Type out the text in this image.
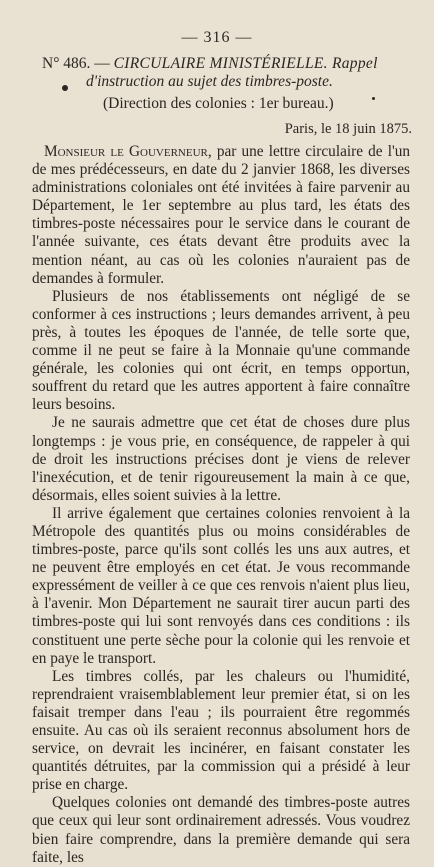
— 316 —
N° 486. — CIRCULAIRE MINISTÉRIELLE. Rappel
d'instruction au sujet des timbres-poste.
(Direction des colonies : 1er bureau.)
Paris, le 18 juin 1875.

Monsieur le Gouverneur, par une lettre circulaire de l'un de mes prédécesseurs, en date du 2 janvier 1868, les diverses administrations coloniales ont été invitées à faire parvenir au Département, le 1er septembre au plus tard, les états des timbres-poste nécessaires pour le service dans le courant de l'année suivante, ces états devant être produits avec la mention néant, au cas où les colonies n'auraient pas de demandes à formuler.

Plusieurs de nos établissements ont négligé de se conformer à ces instructions ; leurs demandes arrivent, à peu près, à toutes les époques de l'année, de telle sorte que, comme il ne peut se faire à la Monnaie qu'une commande générale, les colonies qui ont écrit, en temps opportun, souffrent du retard que les autres apportent à faire connaître leurs besoins.

Je ne saurais admettre que cet état de choses dure plus longtemps : je vous prie, en conséquence, de rappeler à qui de droit les instructions précises dont je viens de relever l'inexécution, et de tenir rigoureusement la main à ce que, désormais, elles soient suivies à la lettre.

Il arrive également que certaines colonies renvoient à la Métropole des quantités plus ou moins considérables de timbres-poste, parce qu'ils sont collés les uns aux autres, et ne peuvent être employés en cet état. Je vous recommande expressément de veiller à ce que ces renvois n'aient plus lieu, à l'avenir. Mon Département ne saurait tirer aucun parti des timbres-poste qui lui sont renvoyés dans ces conditions : ils constituent une perte sèche pour la colonie qui les renvoie et en paye le transport.

Les timbres collés, par les chaleurs ou l'humidité, reprendraient vraisemblablement leur premier état, si on les faisait tremper dans l'eau ; ils pourraient être regommés ensuite. Au cas où ils seraient reconnus absolument hors de service, on devrait les incinérer, en faisant constater les quantités détruites, par la commission qui a présidé à leur prise en charge.

Quelques colonies ont demandé des timbres-poste autres que ceux qui leur sont ordinairement adressés. Vous voudrez bien faire comprendre, dans la première demande qui sera faite, les
